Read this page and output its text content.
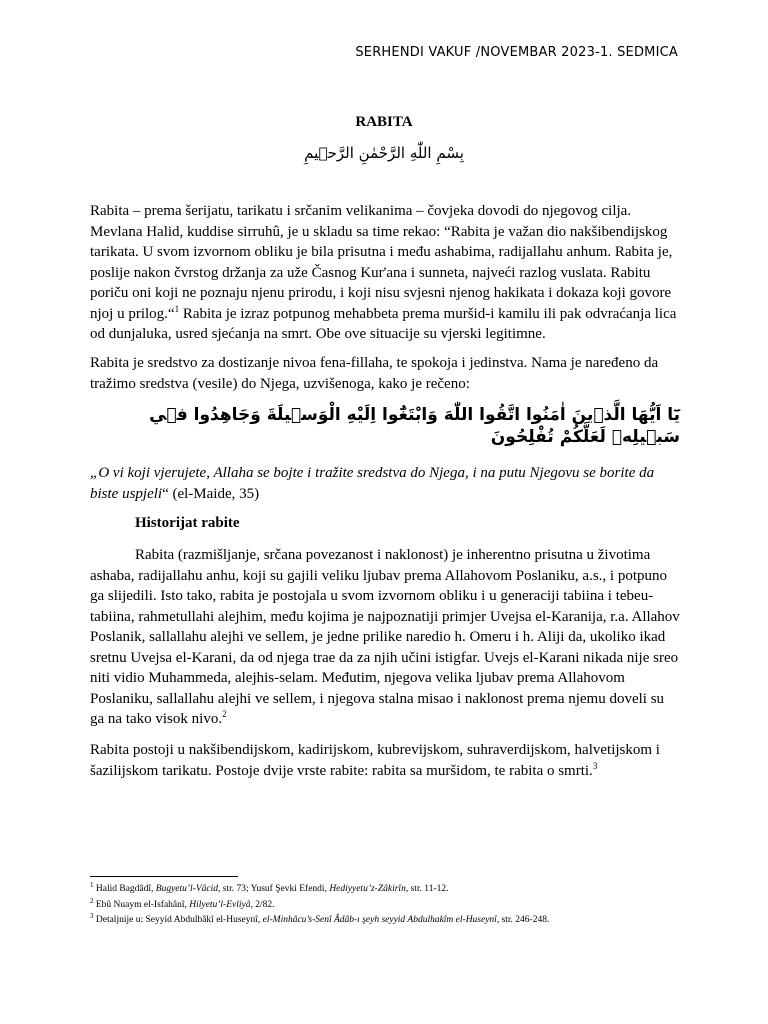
SERHENDI VAKUF /NOVEMBAR 2023-1. SEDMICA
RABITA
بِسْمِ اللّٰهِ الرَّحْمٰنِ الرَّح۪يمِ

Rabita – prema šerijatu, tarikatu i srčanim velikanima – čovjeka dovodi do njegovog cilja. Mevlana Halid, kuddise sirruhû, je u skladu sa time rekao: “Rabita je važan dio nakšibendijskog tarikata. U svom izvornom obliku je bila prisutna i među ashabima, radijallahu anhum. Rabita je, poslije nakon čvrstog držanja za uže Časnog Kur'ana i sunneta, najveći razlog vuslata. Rabitu poriču oni koji ne poznaju njenu prirodu, i koji nisu svjesni njenog hakikata i dokaza koji govore njoj u prilog.“$^1$ Rabita je izraz potpunog mehabbeta prema muršid-i kamilu ili pak odvraćanja lica od dunjaluka, usred sjećanja na smrt. Obe ove situacije su vjerski legitimne.

Rabita je sredstvo za dostizanje nivoa fena-fillaha, te spokoja i jedinstva. Nama je naređeno da tražimo sredstva (vesile) do Njega, uzvišenoga, kako je rečeno:

يَٓا اَيُّهَا الَّذ۪ينَ اٰمَنُوا اتَّقُوا اللّٰهَ وَابْتَغُٓوا اِلَيْهِ الْوَس۪يلَةَ وَجَاهِدُوا ف۪ي سَب۪يلِه۪ لَعَلَّكُمْ تُفْلِحُونَ

„O vi koji vjerujete, Allaha se bojte i tražite sredstva do Njega, i na putu Njegovu se borite da biste uspjeli“ (el-Maide, 35)

Historijat rabite

Rabita (razmišljanje, srčana povezanost i naklonost) je inherentno prisutna u životima ashaba, radijallahu anhu, koji su gajili veliku ljubav prema Allahovom Poslaniku, a.s., i potpuno ga slijedili. Isto tako, rabita je postojala u svom izvornom obliku i u generaciji tabiina i tebeu-tabiina, rahmetullahi alejhim, među kojima je najpoznatiji primjer Uvejsa el-Karanija, r.a. Allahov Poslanik, sallallahu alejhi ve sellem, je jedne prilike naredio h. Omeru i h. Aliji da, ukoliko ikad sretnu Uvejsa el-Karani, da od njega trae da za njih učini istigfar. Uvejs el-Karani nikada nije sreo niti vidio Muhammeda, alejhis-selam. Međutim, njegova velika ljubav prema Allahovom Poslaniku, sallallahu alejhi ve sellem, i njegova stalna misao i naklonost prema njemu doveli su ga na tako visok nivo.$^2$

Rabita postoji u nakšibendijskom, kadirijskom, kubrevijskom, suhraverdijskom, halvetijskom i šazilijskom tarikatu. Postoje dvije vrste rabite: rabita sa muršidom, te rabita o smrti.$^3$

$^1$ Halid Bagdâdî, Bugyetu’l-Vâcid, str. 73; Yusuf Şevki Efendi, Hediyyetu’z-Zâkirîn, str. 11-12.
$^2$ Ebû Nuaym el-Isfahânî, Hilyetu’l-Evliyâ, 2/82.
$^3$ Detaljnije u: Seyyid Abdulbâkî el-Huseynî, el-Minhâcu’s-Senî Âdâb-ı şeyh seyyid Abdulhakîm el-Huseynî, str. 246-248.
